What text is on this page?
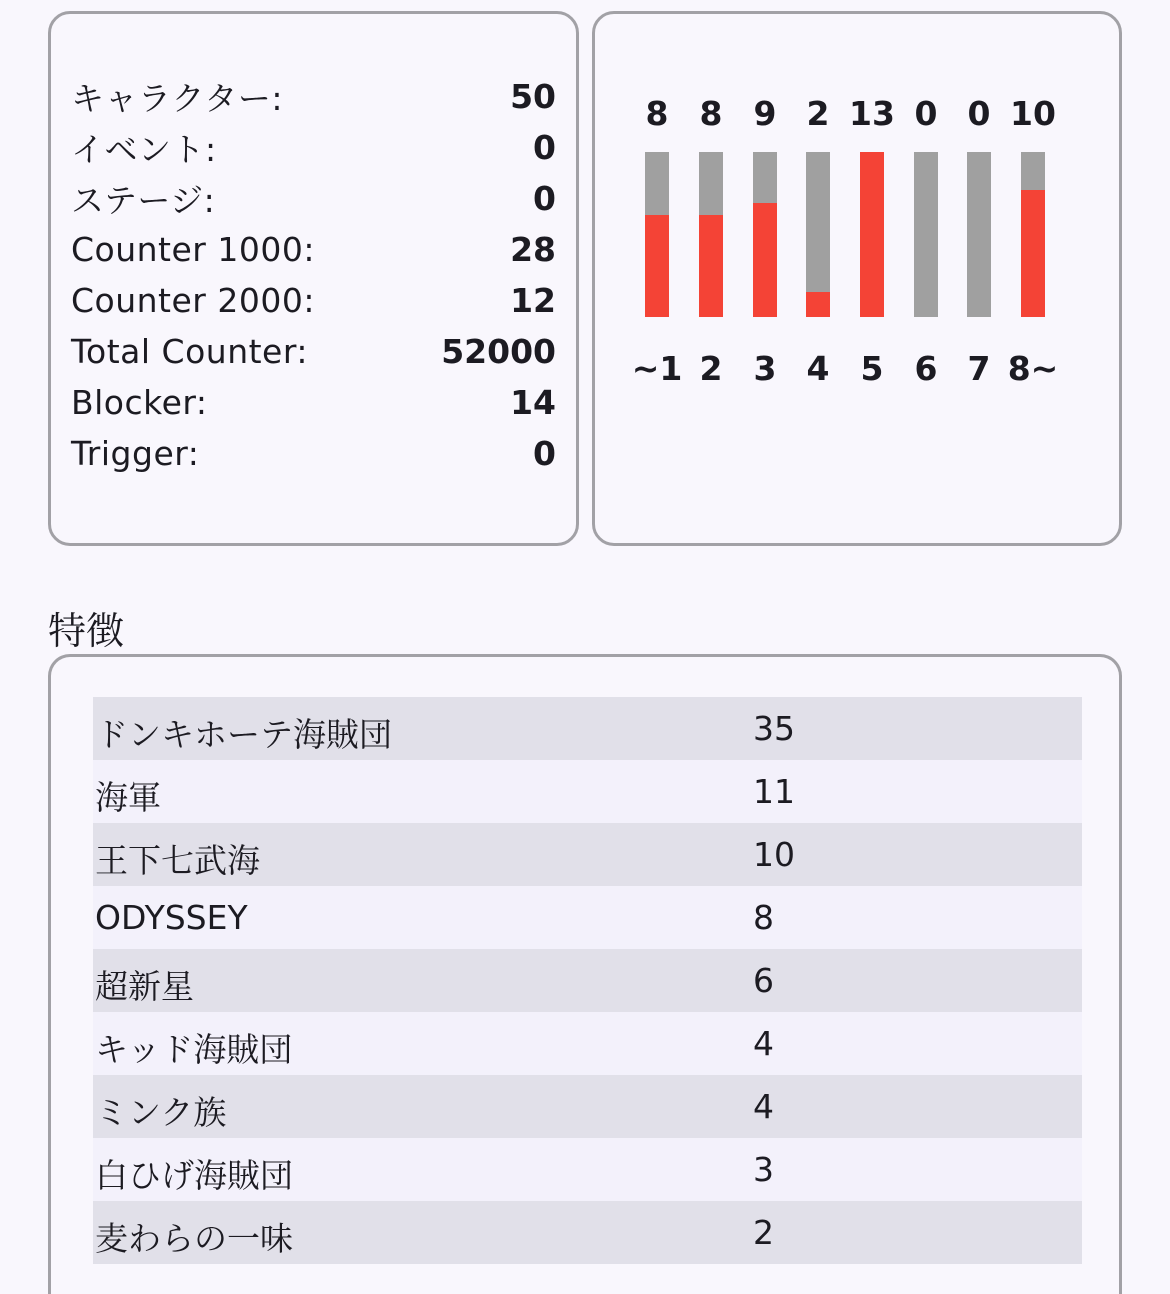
キャラクター:	50
イベント:	0
ステージ:	0
Counter 1000:	28
Counter 2000:	12
Total Counter:	52000
Blocker:	14
Trigger:	0
8
~1
8
2
9
3
2
4
13
5
0
6
0
7
10
8~
特徴
ドンキホーテ海賊団	35
海軍	11
王下七武海	10
ODYSSEY	8
超新星	6
キッド海賊団	4
ミンク族	4
白ひげ海賊団	3
麦わらの一味	2
